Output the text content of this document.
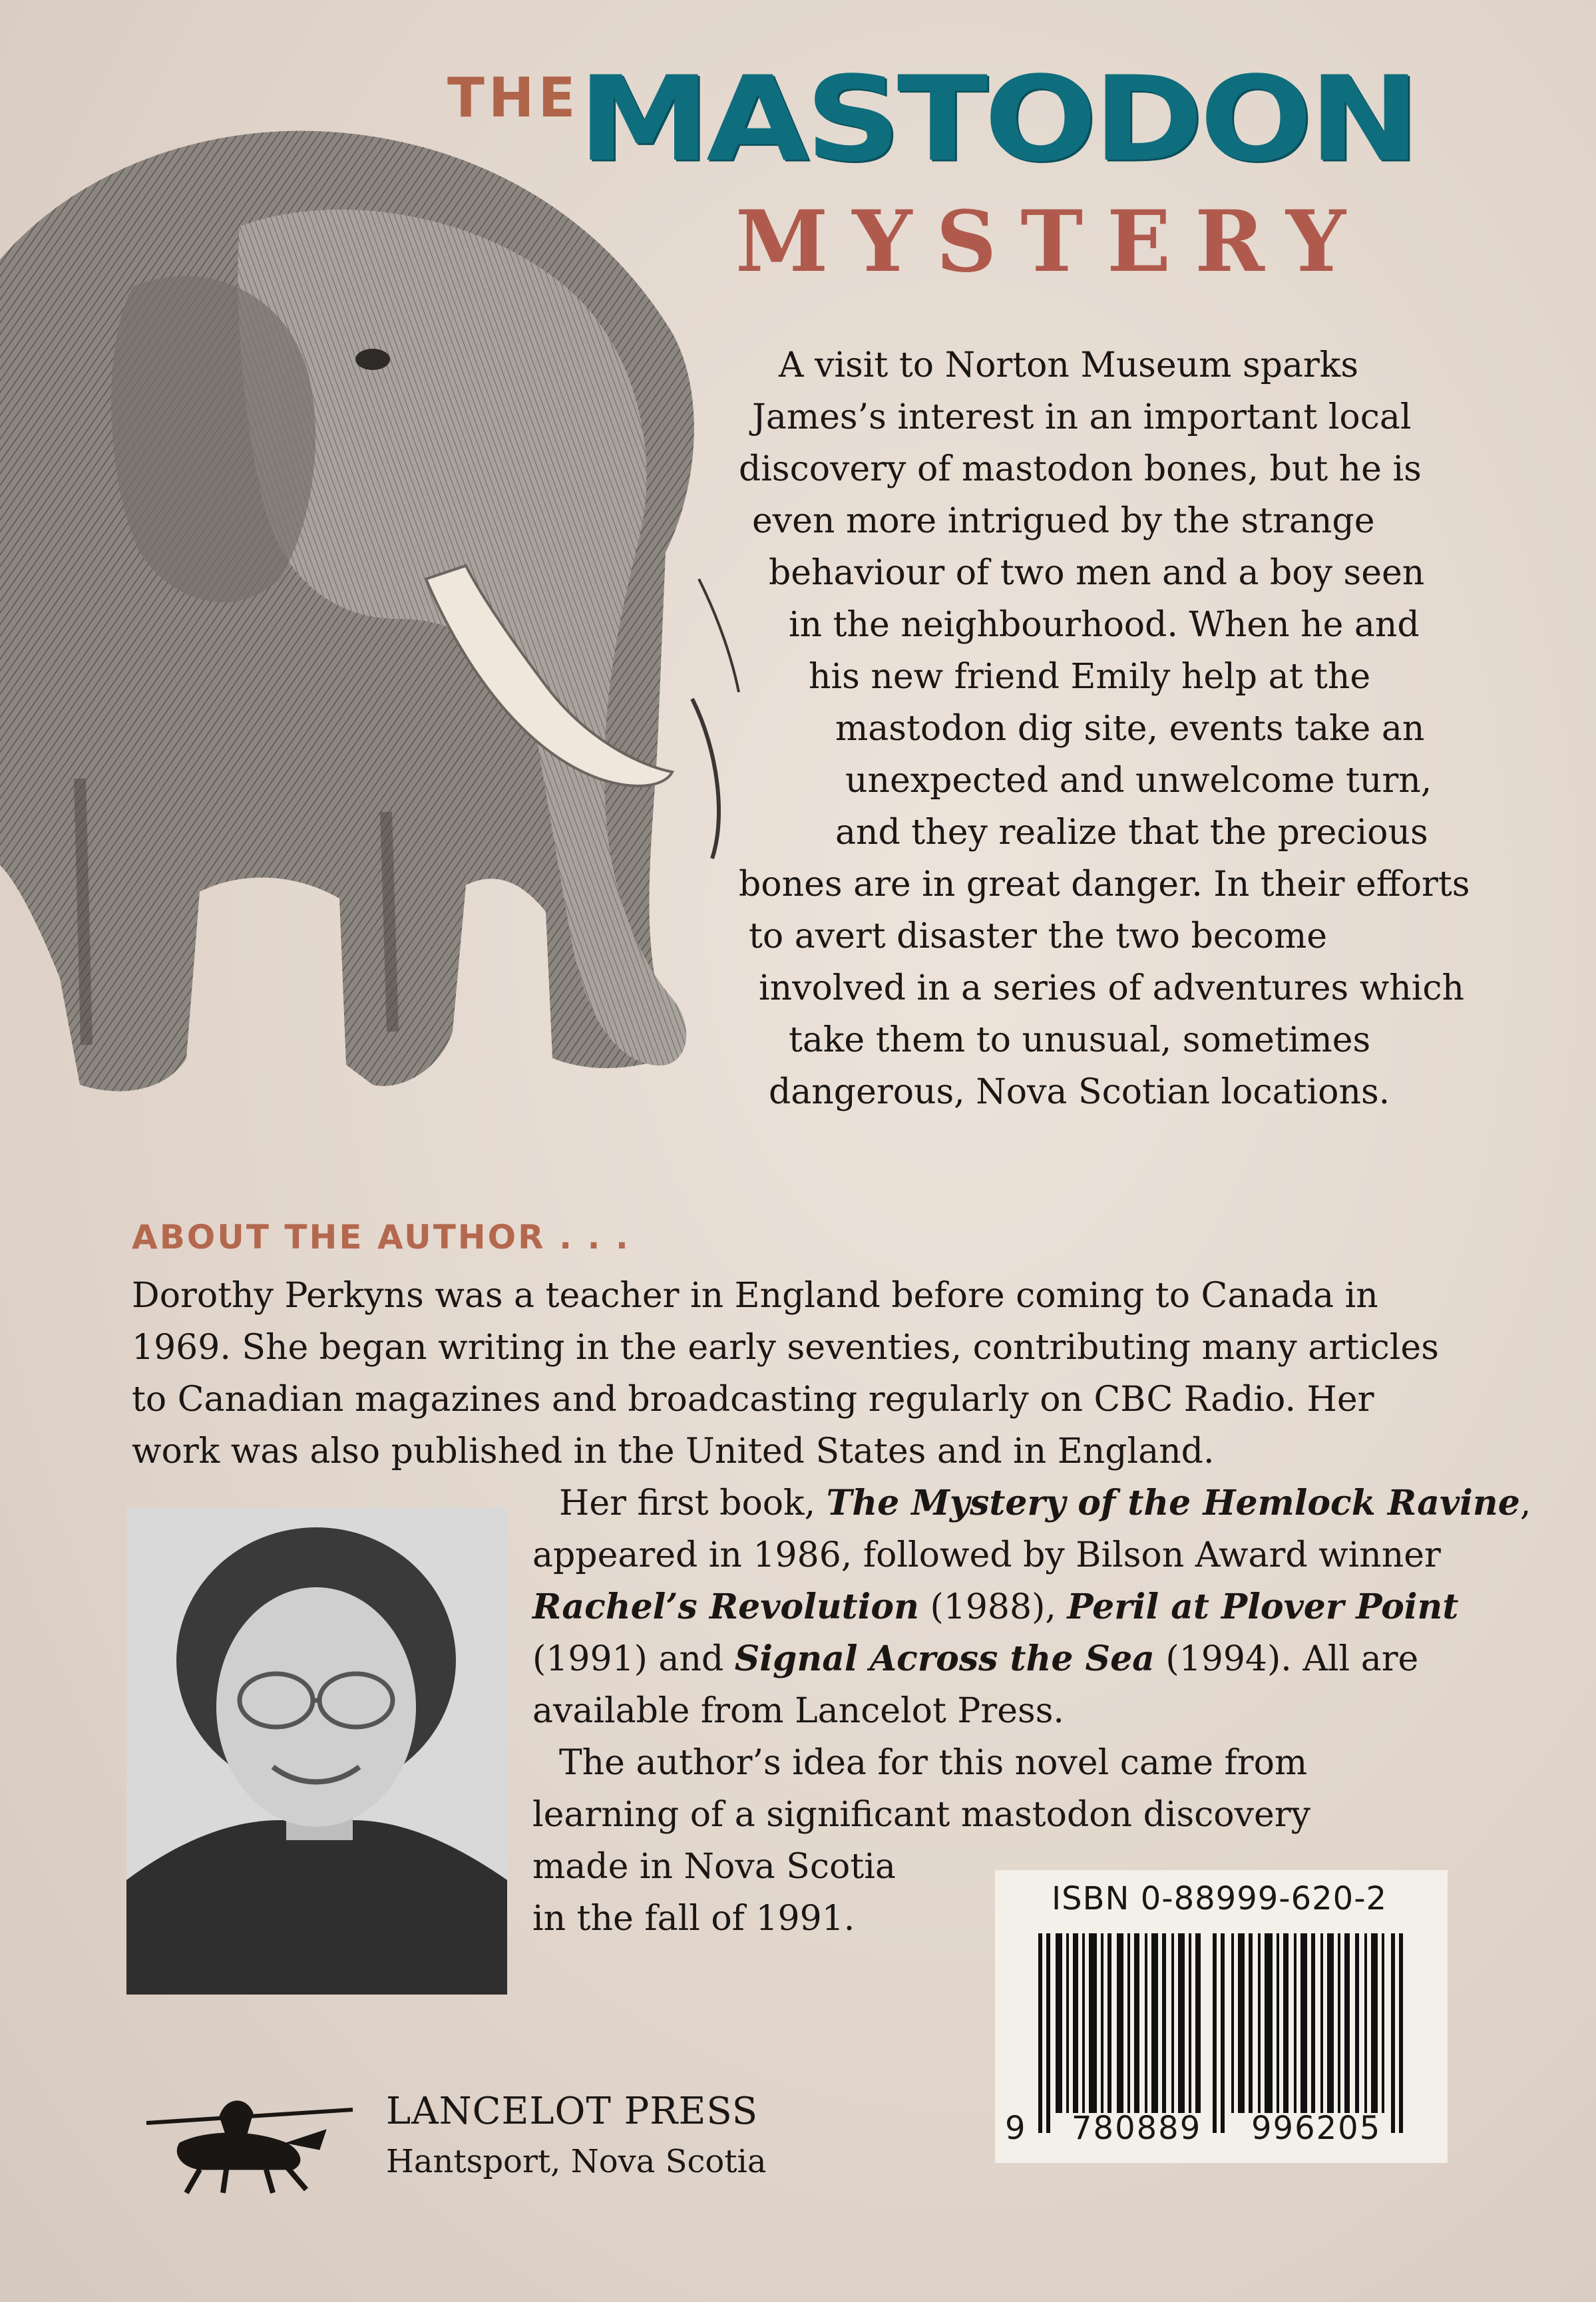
THE
MASTODON
MYSTERY
A visit to Norton Museum sparks
James’s interest in an important local
discovery of mastodon bones, but he is
even more intrigued by the strange
behaviour of two men and a boy seen
in the neighbourhood. When he and
his new friend Emily help at the
mastodon dig site, events take an
unexpected and unwelcome turn,
and they realize that the precious
bones are in great danger. In their efforts
to avert disaster the two become
involved in a series of adventures which
take them to unusual, sometimes
dangerous, Nova Scotian locations.
ABOUT THE AUTHOR . . .
Dorothy Perkyns was a teacher in England before coming to Canada in
1969. She began writing in the early seventies, contributing many articles
to Canadian magazines and broadcasting regularly on CBC Radio. Her
work was also published in the United States and in England.
Her first book, The Mystery of the Hemlock Ravine,
appeared in 1986, followed by Bilson Award winner
Rachel’s Revolution (1988), Peril at Plover Point
(1991) and Signal Across the Sea (1994). All are
available from Lancelot Press.
The author’s idea for this novel came from
learning of a significant mastodon discovery
made in Nova Scotia
in the fall of 1991.	ISBN 0-88999-620-2
9 780889 996205
LANCELOT PRESS
Hantsport, Nova Scotia
